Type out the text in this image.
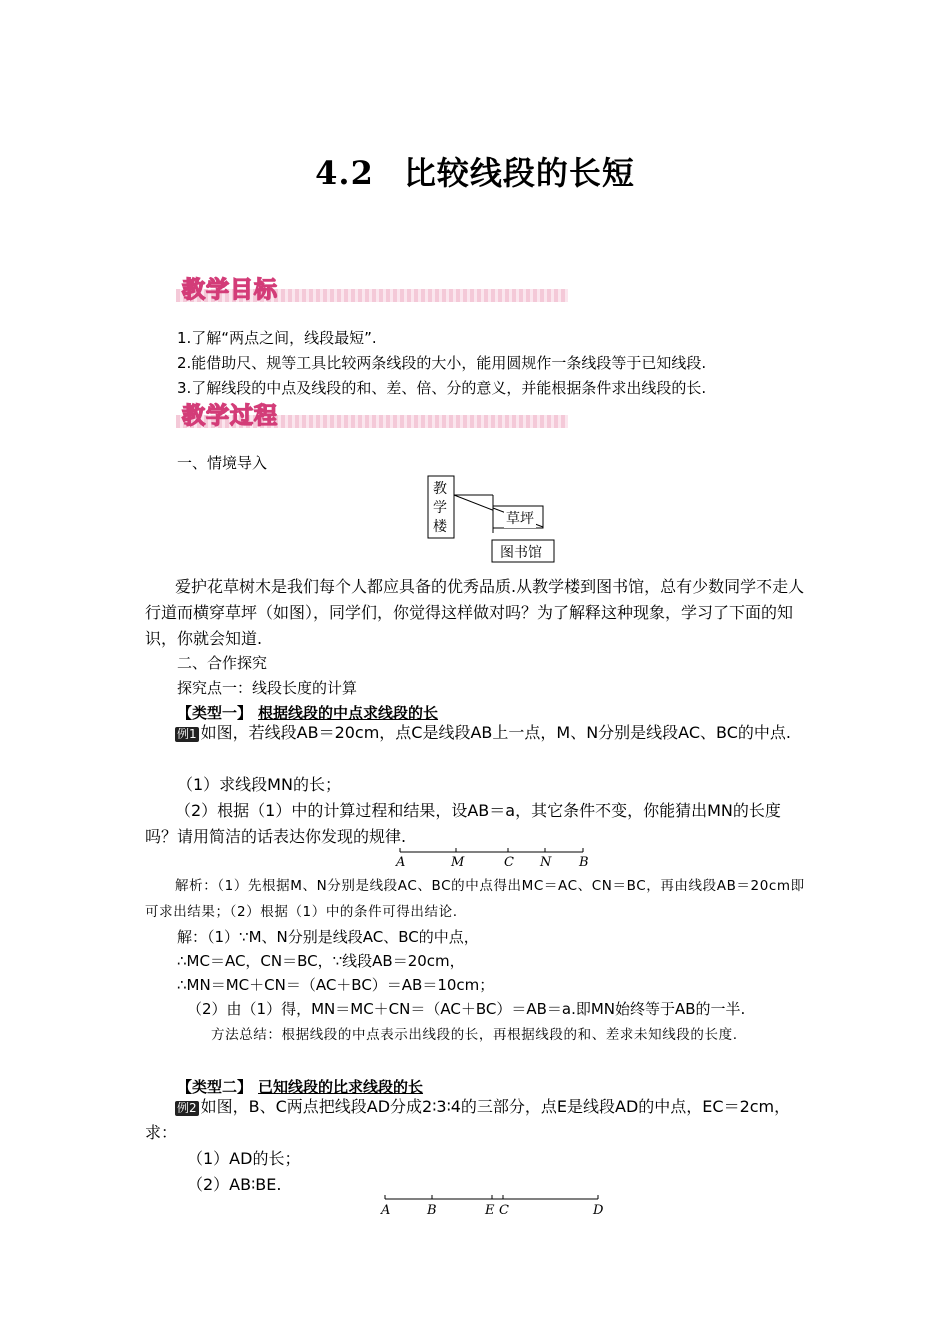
4.2 比较线段的长短
教学目标
1.了解“两点之间，线段最短”.
2.能借助尺、规等工具比较两条线段的大小，能用圆规作一条线段等于已知线段.
3.了解线段的中点及线段的和、差、倍、分的意义，并能根据条件求出线段的长.
教学过程
一、情境导入
教
学
楼	草坪
图书馆
爱护花草树木是我们每个人都应具备的优秀品质.从教学楼到图书馆，总有少数同学不走人行道而横穿草坪（如图），同学们，你觉得这样做对吗？为了解释这种现象，学习了下面的知识，你就会知道.
二、合作探究
探究点一：线段长度的计算
【类型一】 根据线段的中点求线段的长
例1 如图，若线段AB＝20cm，点C是线段AB上一点，M、N分别是线段AC、BC的中点.
（1）求线段MN的长；
（2）根据（1）中的计算过程和结果，设AB＝a，其它条件不变，你能猜出MN的长度吗？请用简洁的话表达你发现的规律.
A	M	C N B
解析：（1）先根据M、N分别是线段AC、BC的中点得出MC＝AC、CN＝BC，再由线段AB＝20cm即可求出结果；（2）根据（1）中的条件可得出结论.
解：（1）∵M、N分别是线段AC、BC的中点，
∴MC＝AC，CN＝BC，∵线段AB＝20cm，
∴MN＝MC＋CN＝（AC＋BC）＝AB＝10cm；
（2）由（1）得，MN＝MC＋CN＝（AC＋BC）＝AB＝a.即MN始终等于AB的一半.
方法总结：根据线段的中点表示出线段的长，再根据线段的和、差求未知线段的长度.
【类型二】 已知线段的比求线段的长
例2 如图，B、C两点把线段AD分成2∶3∶4的三部分，点E是线段AD的中点，EC＝2cm，求：
（1）AD的长；
（2）AB∶BE.
A	B	E C	D
